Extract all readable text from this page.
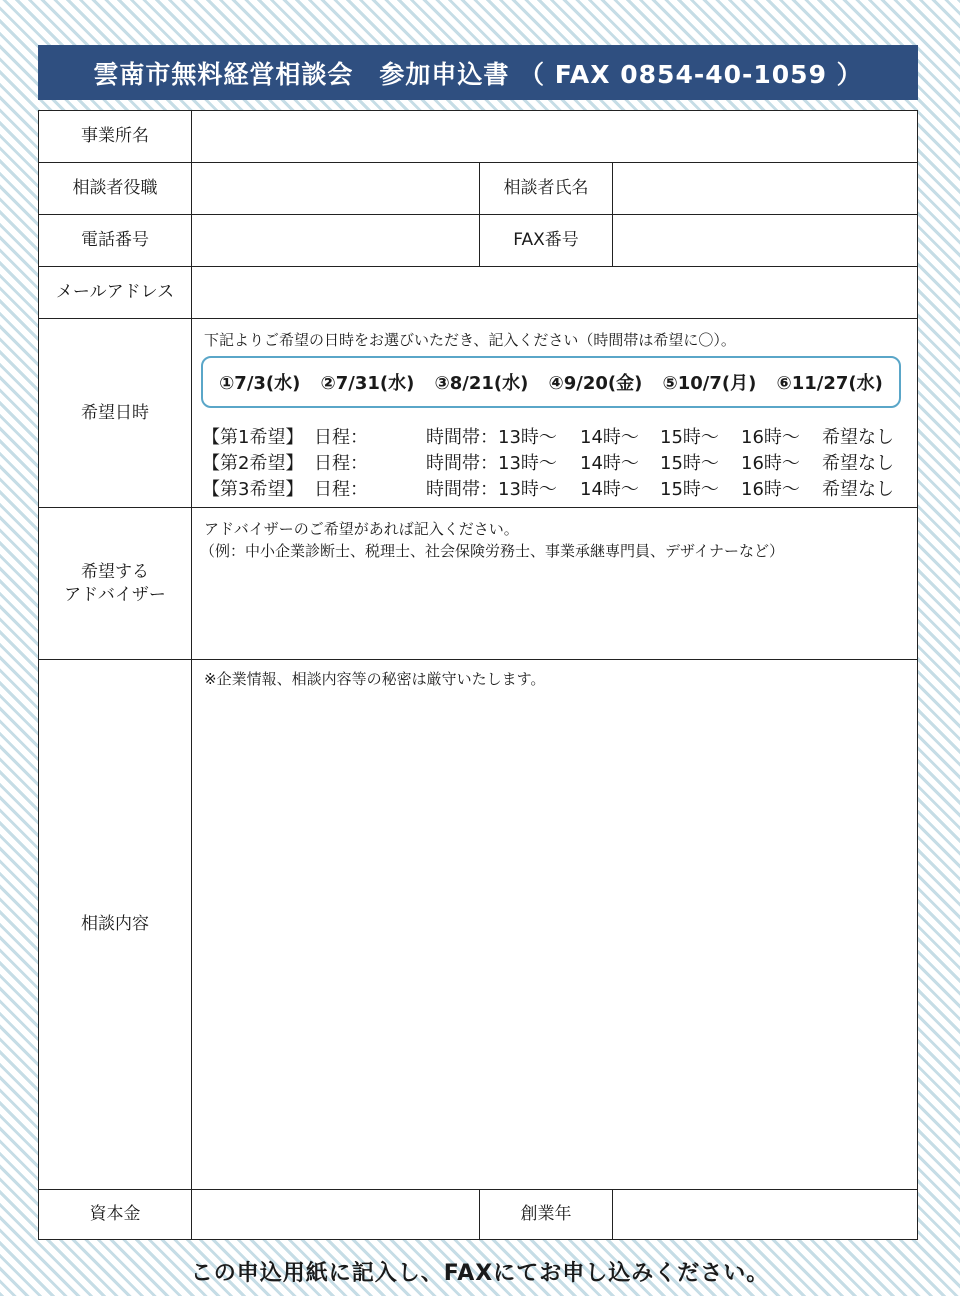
雲南市無料経営相談会　参加申込書 （ FAX 0854-40-1059 ）
事業所名
相談者役職	相談者氏名
電話番号	FAX番号
メールアドレス
希望日時
下記よりご希望の日時をお選びいただき、記入ください（時間帯は希望に〇）。
①7/3(水) ②7/31(水) ③8/21(水) ④9/20(金) ⑤10/7(月) ⑥11/27(水)
【第1希望】 日程：	時間帯： 13時～ 14時～ 15時～ 16時～ 希望なし
【第2希望】 日程：	時間帯： 13時～ 14時～ 15時～ 16時～ 希望なし
【第3希望】 日程：	時間帯： 13時～ 14時～ 15時～ 16時～ 希望なし
希望する
アドバイザー
アドバイザーのご希望があれば記入ください。
（例：中小企業診断士、税理士、社会保険労務士、事業承継専門員、デザイナーなど）
相談内容
※企業情報、相談内容等の秘密は厳守いたします。
資本金	創業年
この申込用紙に記入し、FAXにてお申し込みください。
